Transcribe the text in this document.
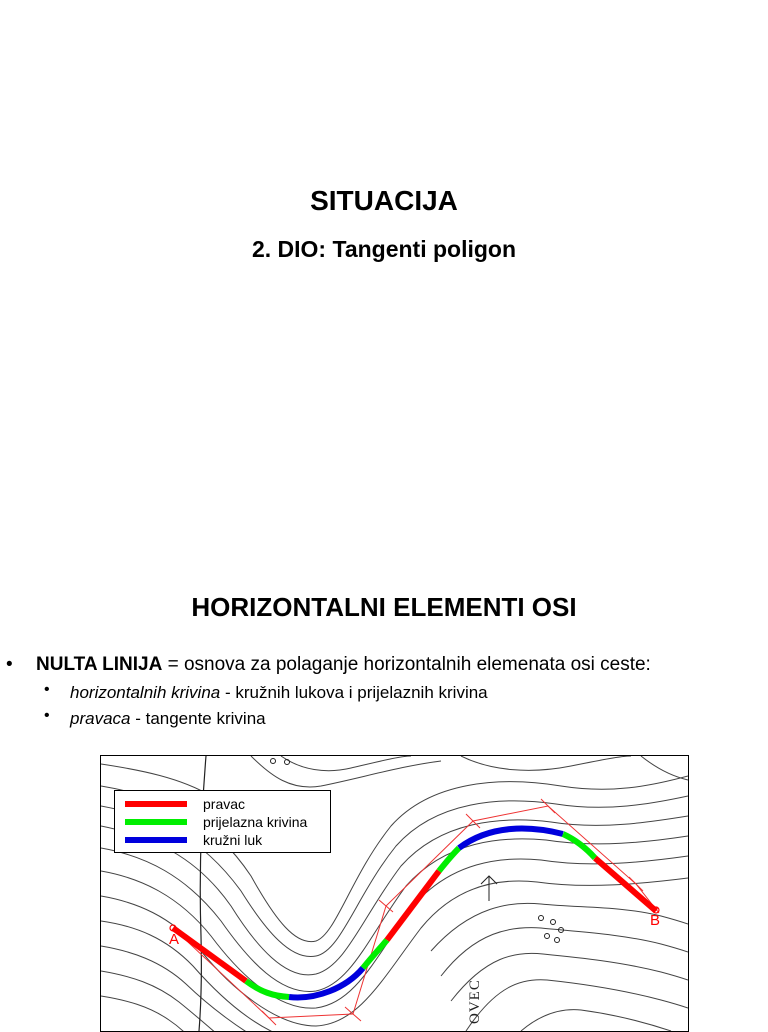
SITUACIJA
2. DIO: Tangenti poligon
HORIZONTALNI ELEMENTI OSI
• NULTA LINIJA = osnova za polaganje horizontalnih elemenata osi ceste:
• horizontalnih krivina - kružnih lukova i prijelaznih krivina
• pravaca - tangente krivina
pravac
prijelazna krivina
kružni luk
A
B
OVEC
